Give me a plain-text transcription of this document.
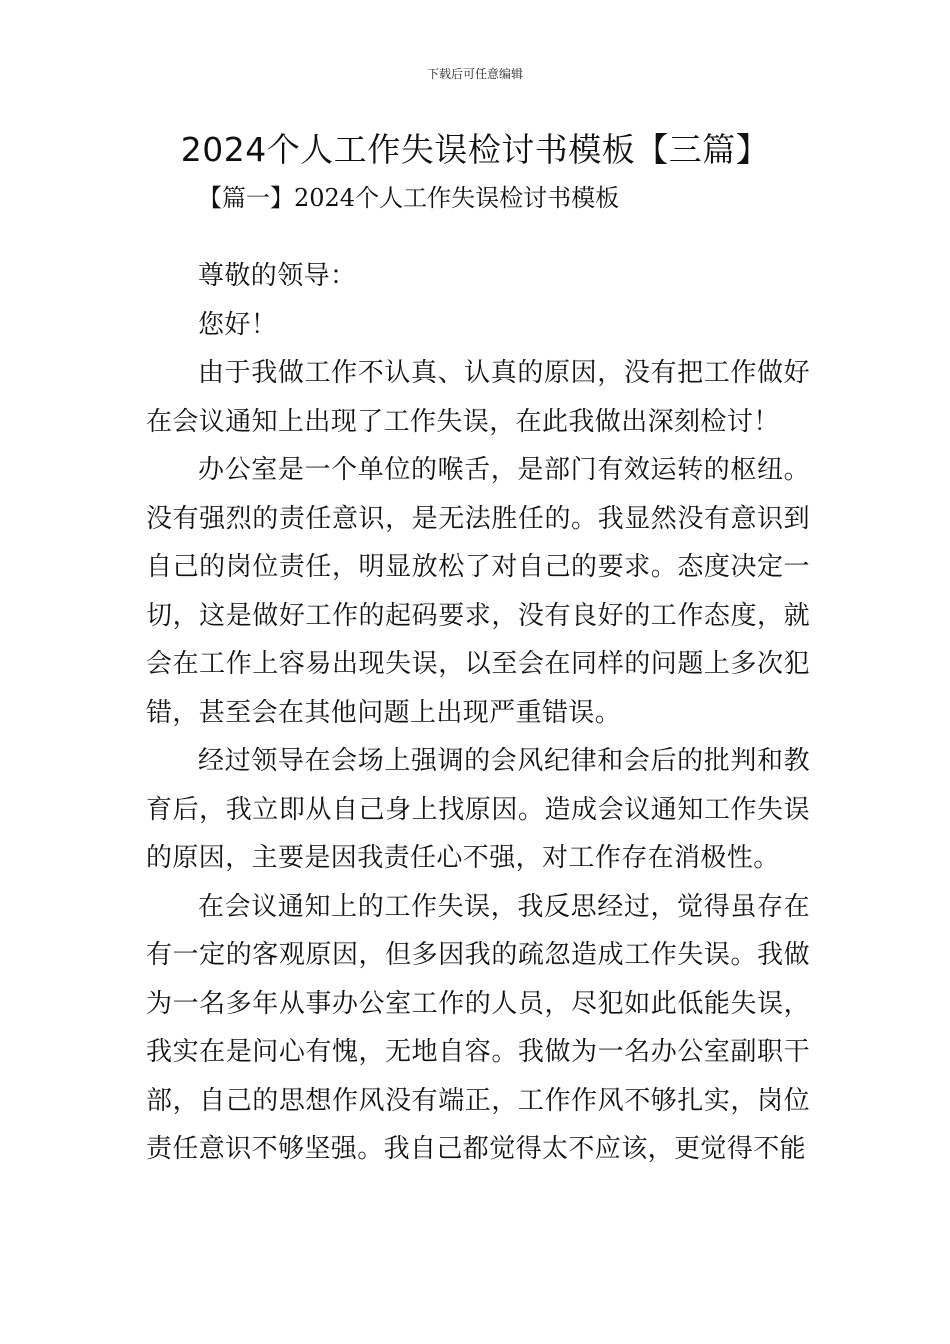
下载后可任意编辑
2024个人工作失误检讨书模板【三篇】
【篇一】2024个人工作失误检讨书模板

尊敬的领导：

您好！

由于我做工作不认真、认真的原因，没有把工作做好在会议通知上出现了工作失误，在此我做出深刻检讨！

办公室是一个单位的喉舌，是部门有效运转的枢纽。没有强烈的责任意识，是无法胜任的。我显然没有意识到自己的岗位责任，明显放松了对自己的要求。态度决定一切，这是做好工作的起码要求，没有良好的工作态度，就会在工作上容易出现失误，以至会在同样的问题上多次犯错，甚至会在其他问题上出现严重错误。

经过领导在会场上强调的会风纪律和会后的批判和教育后，我立即从自己身上找原因。造成会议通知工作失误的原因，主要是因我责任心不强，对工作存在消极性。

在会议通知上的工作失误，我反思经过，觉得虽存在有一定的客观原因，但多因我的疏忽造成工作失误。我做为一名多年从事办公室工作的人员，尽犯如此低能失误，我实在是问心有愧，无地自容。我做为一名办公室副职干部，自己的思想作风没有端正，工作作风不够扎实，岗位责任意识不够坚强。我自己都觉得太不应该，更觉得不能
